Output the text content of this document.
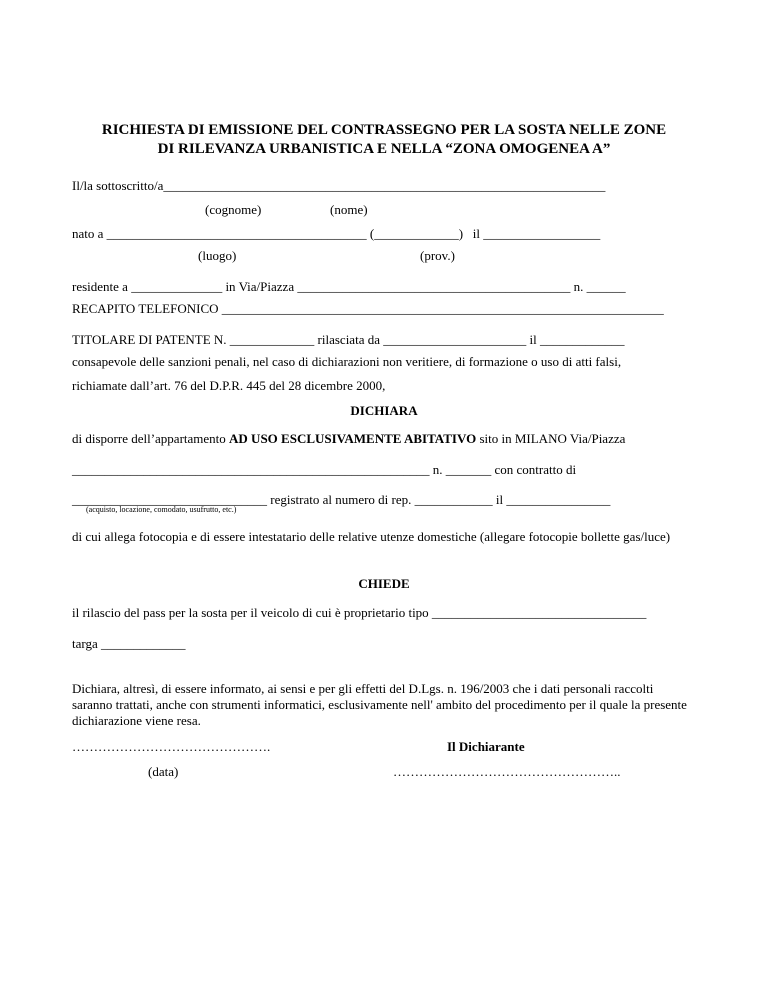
RICHIESTA DI EMISSIONE DEL CONTRASSEGNO PER LA SOSTA NELLE ZONE
DI RILEVANZA URBANISTICA E NELLA “ZONA OMOGENEA A”
Il/la sottoscritto/a____________________________________________________________________
(cognome)	(nome)
nato a ________________________________________ (_____________)   il __________________
(luogo)	(prov.)
residente a ______________ in Via/Piazza __________________________________________ n. ______
RECAPITO TELEFONICO ____________________________________________________________________
TITOLARE DI PATENTE N. _____________ rilasciata da ______________________ il _____________
consapevole delle sanzioni penali, nel caso di dichiarazioni non veritiere, di formazione o uso di atti falsi,
richiamate dall’art. 76 del D.P.R. 445 del 28 dicembre 2000,
DICHIARA
di disporre dell’appartamento AD USO ESCLUSIVAMENTE ABITATIVO sito in MILANO Via/Piazza
_______________________________________________________ n. _______ con contratto di
______________________________ registrato al numero di rep. ____________ il ________________
(acquisto, locazione, comodato, usufrutto, etc.)
di cui allega fotocopia e di essere intestatario delle relative utenze domestiche (allegare fotocopie bollette gas/luce)
CHIEDE
il rilascio del pass per la sosta per il veicolo di cui è proprietario tipo _________________________________
targa _____________
Dichiara, altresì, di essere informato, ai sensi e per gli effetti del D.Lgs. n. 196/2003 che i dati personali raccolti saranno trattati, anche con strumenti informatici, esclusivamente nell' ambito del procedimento per il quale la presente dichiarazione viene resa.
……………………………………….	Il Dichiarante
(data)	……………………………………………..
